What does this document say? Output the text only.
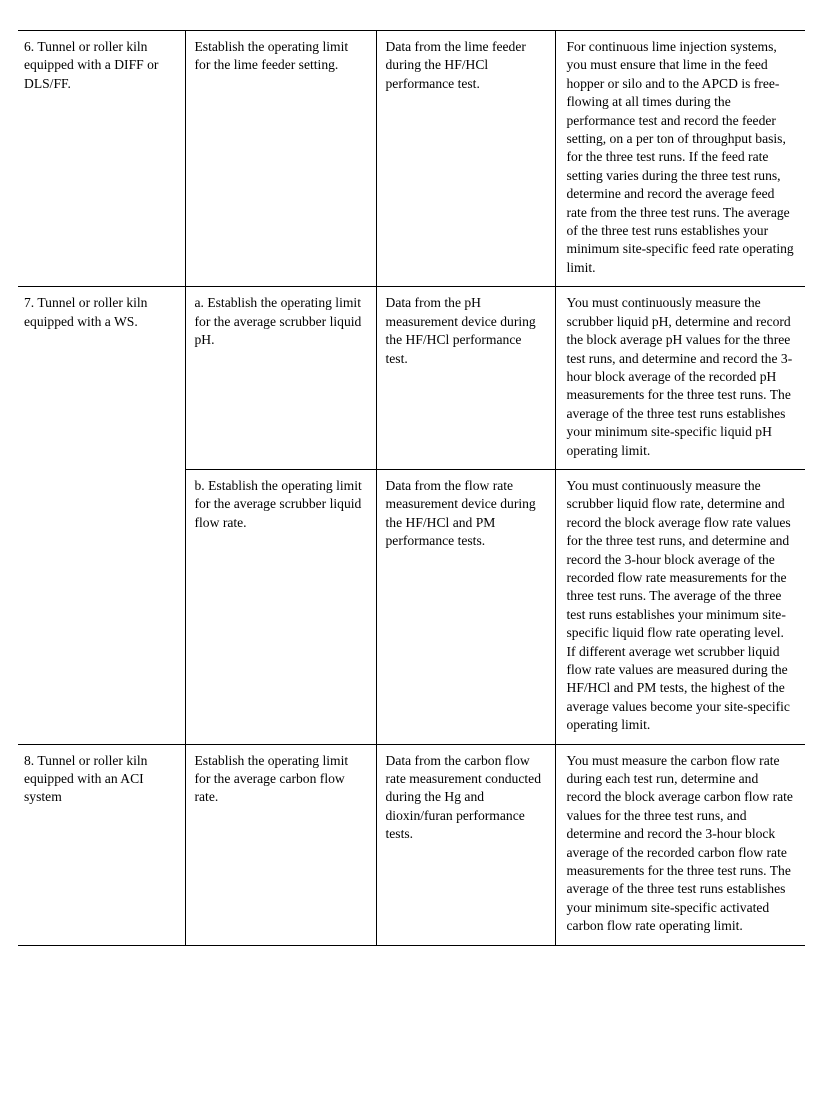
6. Tunnel or roller kiln equipped with a DIFF or DLS/FF.	Establish the operating limit for the lime feeder setting.	Data from the lime feeder during the HF/HCl performance test.	For continuous lime injection systems, you must ensure that lime in the feed hopper or silo and to the APCD is free-flowing at all times during the performance test and record the feeder setting, on a per ton of throughput basis, for the three test runs. If the feed rate setting varies during the three test runs, determine and record the average feed rate from the three test runs. The average of the three test runs establishes your minimum site-specific feed rate operating limit.

7. Tunnel or roller kiln equipped with a WS.	a. Establish the operating limit for the average scrubber liquid pH.	Data from the pH measurement device during the HF/HCl performance test.	You must continuously measure the scrubber liquid pH, determine and record the block average pH values for the three test runs, and determine and record the 3-hour block average of the recorded pH measurements for the three test runs. The average of the three test runs establishes your minimum site-specific liquid pH operating limit.

	b. Establish the operating limit for the average scrubber liquid flow rate.	Data from the flow rate measurement device during the HF/HCl and PM performance tests.	You must continuously measure the scrubber liquid flow rate, determine and record the block average flow rate values for the three test runs, and determine and record the 3-hour block average of the recorded flow rate measurements for the three test runs. The average of the three test runs establishes your minimum site-specific liquid flow rate operating level. If different average wet scrubber liquid flow rate values are measured during the HF/HCl and PM tests, the highest of the average values become your site-specific operating limit.

8. Tunnel or roller kiln equipped with an ACI system	Establish the operating limit for the average carbon flow rate.	Data from the carbon flow rate measurement conducted during the Hg and dioxin/furan performance tests.	You must measure the carbon flow rate during each test run, determine and record the block average carbon flow rate values for the three test runs, and determine and record the 3-hour block average of the recorded carbon flow rate measurements for the three test runs. The average of the three test runs establishes your minimum site-specific activated carbon flow rate operating limit.
